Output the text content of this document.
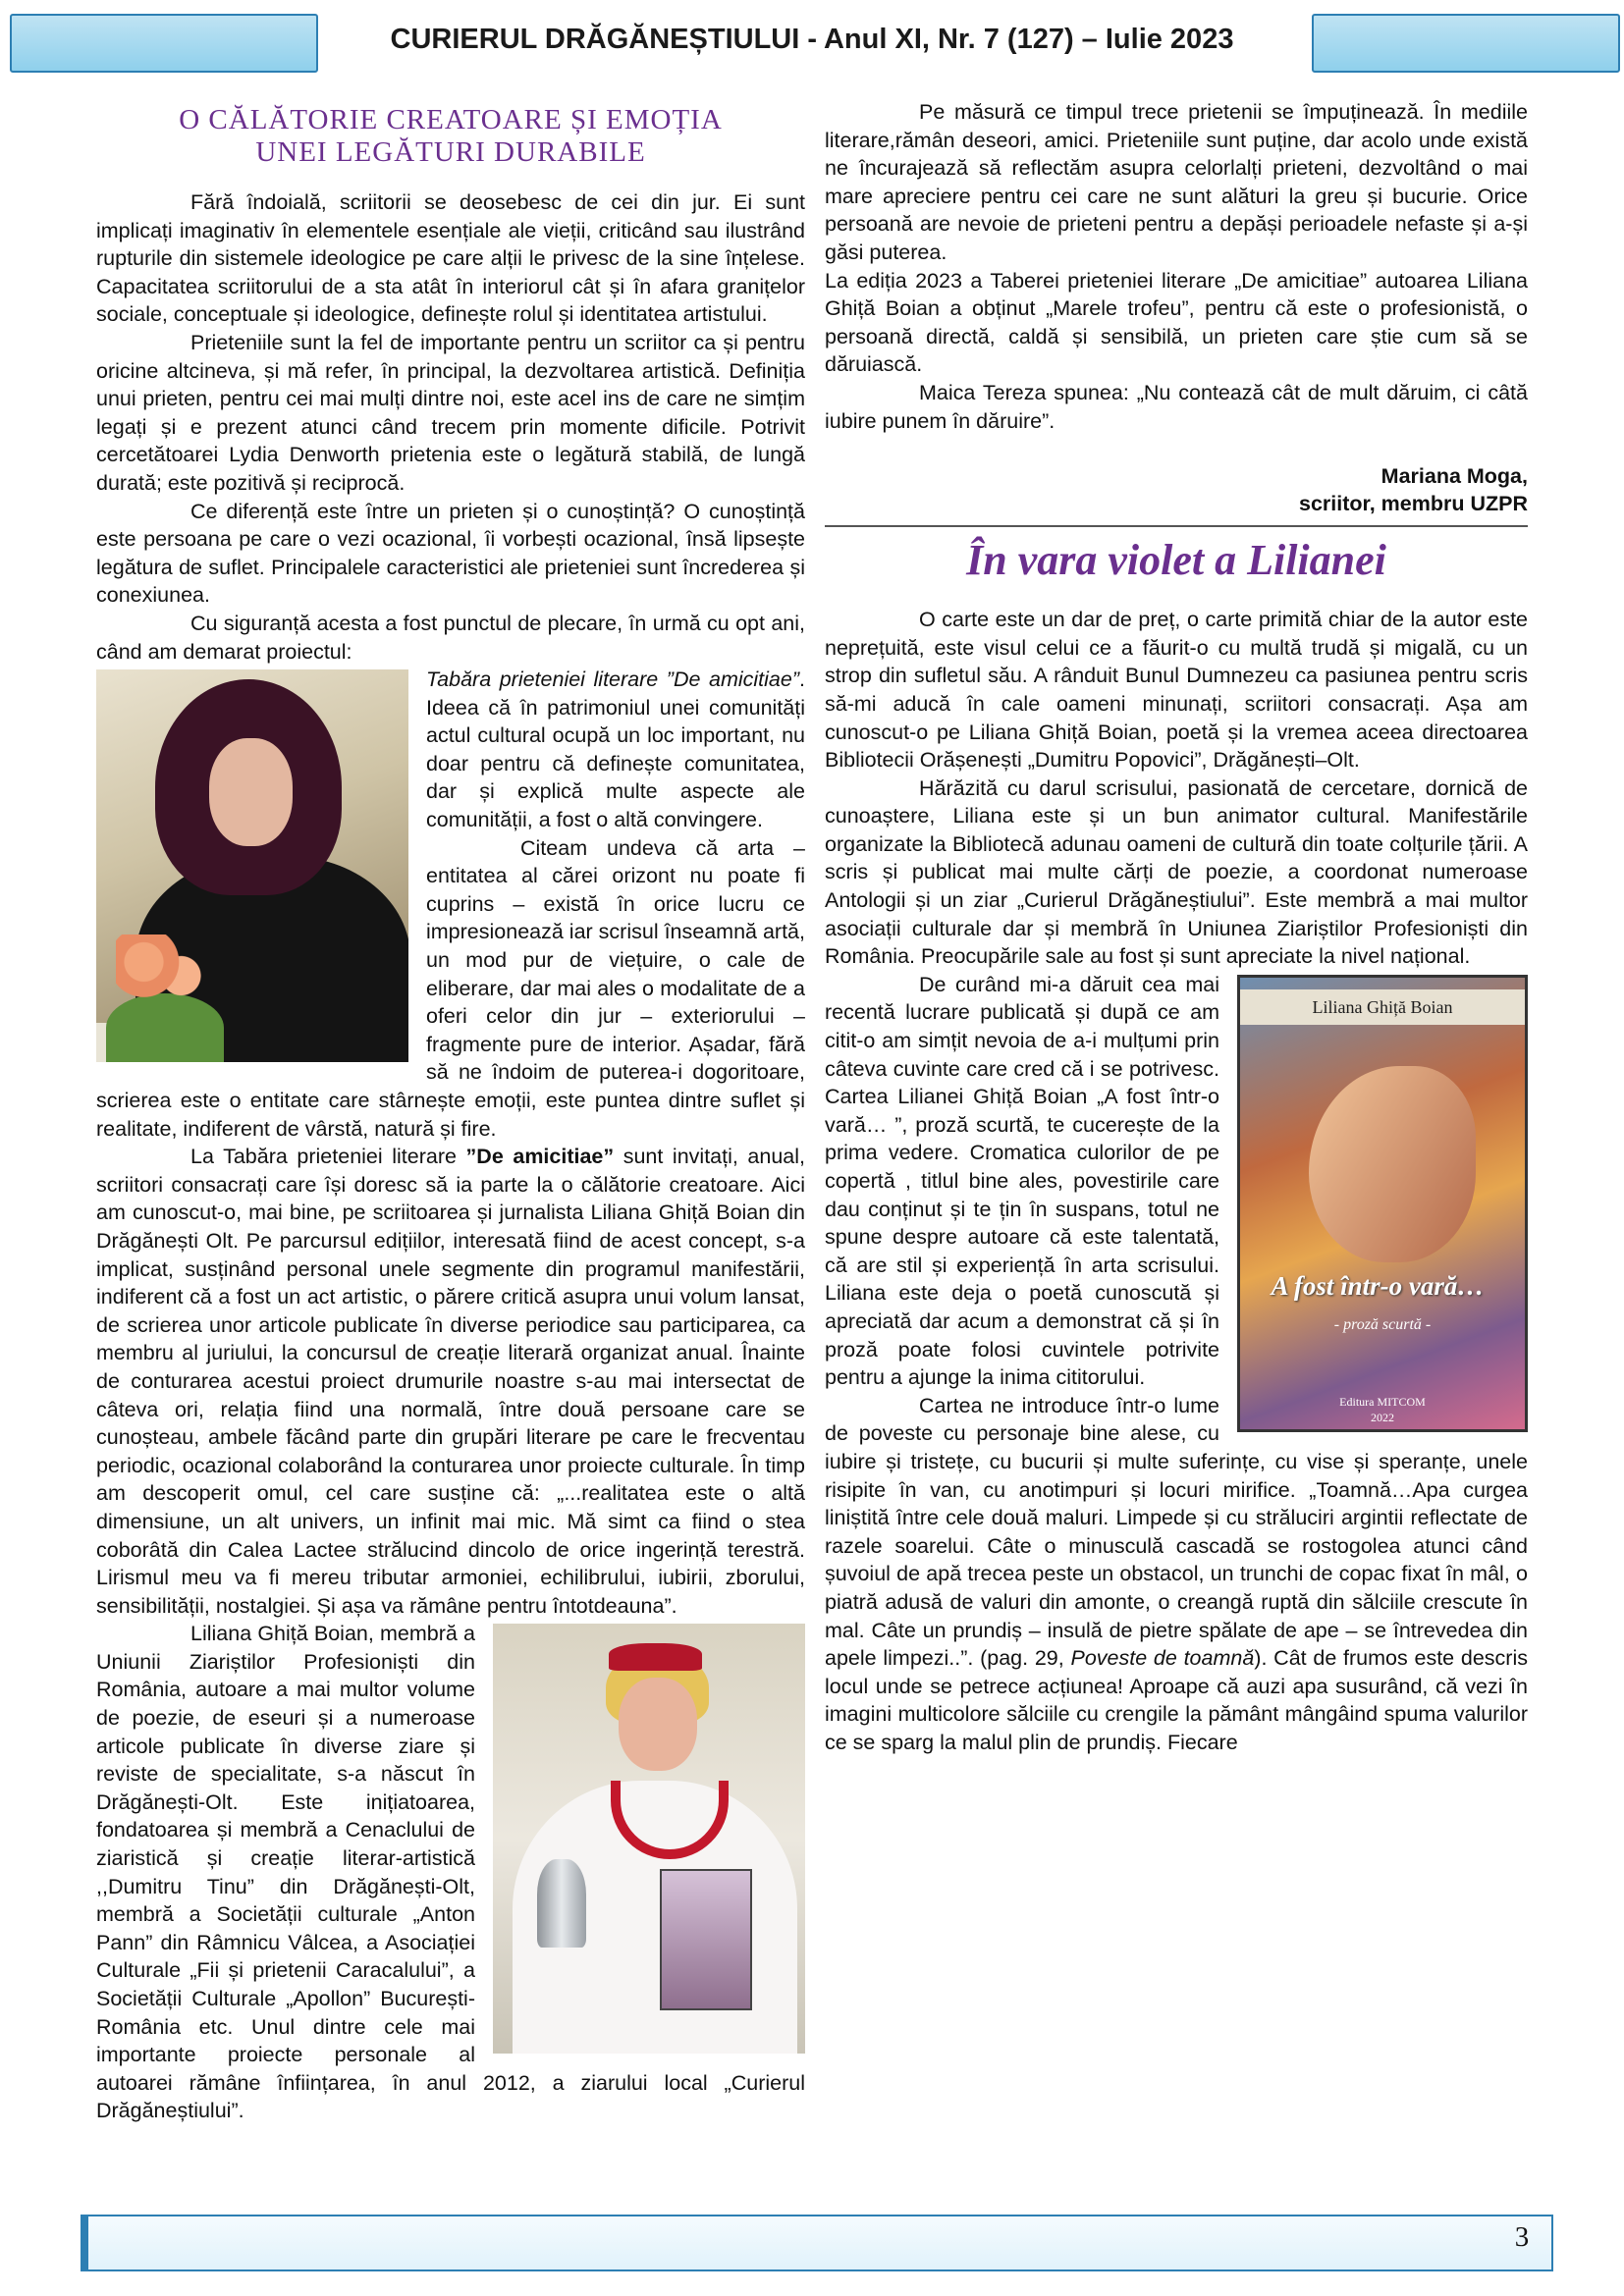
CURIERUL DRĂGĂNEȘTIULUI - Anul XI, Nr. 7 (127) – Iulie 2023
O CĂLĂTORIE CREATOARE ȘI EMOȚIA
UNEI LEGĂTURI DURABILE

Fără îndoială, scriitorii se deosebesc de cei din jur. Ei sunt implicați imaginativ în elementele esențiale ale vieții, criticând sau ilustrând rupturile din sistemele ideologice pe care alții le privesc de la sine înțelese. Capacitatea scriitorului de a sta atât în interiorul cât și în afara granițelor sociale, conceptuale și ideologice, definește rolul și identitatea artistului.

Prieteniile sunt la fel de importante pentru un scriitor ca și pentru oricine altcineva, și mă refer, în principal, la dezvoltarea artistică. Definiția unui prieten, pentru cei mai mulți dintre noi, este acel ins de care ne simțim legați și e prezent atunci când trecem prin momente dificile. Potrivit cercetătoarei Lydia Denworth prietenia este o legătură stabilă, de lungă durată; este pozitivă și reciprocă.

Ce diferență este între un prieten și o cunoștință? O cunoștință este persoana pe care o vezi ocazional, îi vorbești ocazional, însă lipsește legătura de suflet. Principalele caracteristici ale prieteniei sunt încrederea și conexiunea.

Cu siguranță acesta a fost punctul de plecare, în urmă cu opt ani, când am demarat proiectul:

Tabăra prieteniei literare ”De amicitiae”. Ideea că în patrimoniul unei comunități actul cultural ocupă un loc important, nu doar pentru că definește comunitatea, dar și explică multe aspecte ale comunității, a fost o altă convingere.

Citeam undeva că arta – entitatea al cărei orizont nu poate fi cuprins – există în orice lucru ce impresionează iar scrisul înseamnă artă, un mod pur de viețuire, o cale de eliberare, dar mai ales o modalitate de a oferi celor din jur – exteriorului – fragmente pure de interior. Așadar, fără să ne îndoim de puterea-i dogoritoare, scrierea este o entitate care stârnește emoții, este puntea dintre suflet și realitate, indiferent de vârstă, natură și fire.

La Tabăra prieteniei literare ”De amicitiae” sunt invitați, anual, scriitori consacrați care își doresc să ia parte la o călătorie creatoare. Aici am cunoscut-o, mai bine, pe scriitoarea și jurnalista Liliana Ghiță Boian din Drăgănești Olt. Pe parcursul edițiilor, interesată fiind de acest concept, s-a implicat, susținând personal unele segmente din programul manifestării, indiferent că a fost un act artistic, o părere critică asupra unui volum lansat, de scrierea unor articole publicate în diverse periodice sau participarea, ca membru al juriului, la concursul de creație literară organizat anual. Înainte de conturarea acestui proiect drumurile noastre s-au mai intersectat de câteva ori, relația fiind una normală, între două persoane care se cunoșteau, ambele făcând parte din grupări literare pe care le frecventau periodic, ocazional colaborând la conturarea unor proiecte culturale. În timp am descoperit omul, cel care susține că: „...realitatea este o altă dimensiune, un alt univers, un infinit mai mic. Mă simt ca fiind o stea coborâtă din Calea Lactee strălucind dincolo de orice ingerință terestră. Lirismul meu va fi mereu tributar armoniei, echilibrului, iubirii, zborului, sensibilității, nostalgiei. Și așa va rămâne pentru întotdeauna”.

Liliana Ghiță Boian, membră a Uniunii Ziariștilor Profesioniști din România, autoare a mai multor volume de poezie, de eseuri și a numeroase articole publicate în diverse ziare și reviste de specialitate, s-a născut în Drăgănești-Olt. Este inițiatoarea, fondatoarea și membră a Cenaclului de ziaristică și creație literar-artistică ,,Dumitru Tinu” din Drăgănești-Olt, membră a Societății culturale „Anton Pann” din Râmnicu Vâlcea, a Asociației Culturale „Fii și prietenii Caracalului”, a Societății Culturale „Apollon” București-România etc. Unul dintre cele mai importante proiecte personale al autoarei rămâne înființarea, în anul 2012, a ziarului local „Curierul Drăgăneștiului”.

Pe măsură ce timpul trece prietenii se împuținează. În mediile literare,rămân deseori, amici. Prieteniile sunt puține, dar acolo unde există ne încurajează să reflectăm asupra celorlalți prieteni, dezvoltând o mai mare apreciere pentru cei care ne sunt alături la greu și bucurie. Orice persoană are nevoie de prieteni pentru a depăși perioadele nefaste și a-și găsi puterea.

La ediția 2023 a Taberei prieteniei literare „De amicitiae” autoarea Liliana Ghiță Boian a obținut „Marele trofeu”, pentru că este o profesionistă, o persoană directă, caldă și sensibilă, un prieten care știe cum să se dăruiască.

Maica Tereza spunea: „Nu contează cât de mult dăruim, ci câtă iubire punem în dăruire”.

Mariana Moga,
scriitor, membru UZPR
În vara violet a Lilianei

O carte este un dar de preț, o carte primită chiar de la autor este neprețuită, este visul celui ce a făurit-o cu multă trudă și migală, cu un strop din sufletul său. A rânduit Bunul Dumnezeu ca pasiunea pentru scris să-mi aducă în cale oameni minunați, scriitori consacrați. Așa am cunoscut-o pe Liliana Ghiță Boian, poetă și la vremea aceea directoarea Bibliotecii Orășenești „Dumitru Popovici”, Drăgănești–Olt.

Hărăzită cu darul scrisului, pasionată de cercetare, dornică de cunoaștere, Liliana este și un bun animator cultural. Manifestările organizate la Bibliotecă adunau oameni de cultură din toate colțurile țării. A scris și publicat mai multe cărți de poezie, a coordonat numeroase Antologii și un ziar „Curierul Drăgăneștiului”. Este membră a mai multor asociații culturale dar și membră în Uniunea Ziariștilor Profesioniști din România. Preocupările sale au fost și sunt apreciate la nivel național.

Liliana Ghiță Boian
A fost într-o vară…
- proză scurtă -
Editura MITCOM
2022

De curând mi-a dăruit cea mai recentă lucrare publicată și după ce am citit-o am simțit nevoia de a-i mulțumi prin câteva cuvinte care cred că i se potrivesc. Cartea Lilianei Ghiță Boian „A fost într-o vară… ”, proză scurtă, te cucerește de la prima vedere. Cromatica culorilor de pe copertă , titlul bine ales, povestirile care dau conținut și te țin în suspans, totul ne spune despre autoare că este talentată, că are stil și experiență în arta scrisului. Liliana este deja o poetă cunoscută și apreciată dar acum a demonstrat că și în proză poate folosi cuvintele potrivite pentru a ajunge la inima cititorului.

Cartea ne introduce într-o lume de poveste cu personaje bine alese, cu iubire și tristețe, cu bucurii și multe suferințe, cu vise și speranțe, unele risipite în van, cu anotimpuri și locuri mirifice. „Toamnă…Apa curgea liniștită între cele două maluri. Limpede și cu străluciri argintii reflectate de razele soarelui. Câte o minusculă cascadă se rostogolea atunci când șuvoiul de apă trecea peste un obstacol, un trunchi de copac fixat în mâl, o piatră adusă de valuri din amonte, o creangă ruptă din sălciile crescute în mal. Câte un prundiș – insulă de pietre spălate de ape – se întrevedea din apele limpezi..”. (pag. 29, Poveste de toamnă). Cât de frumos este descris locul unde se petrece acțiunea! Aproape că auzi apa susurând, că vezi în imagini multicolore sălciile cu crengile la pământ mângâind spuma valurilor ce se sparg la malul plin de prundiș. Fiecare

3
